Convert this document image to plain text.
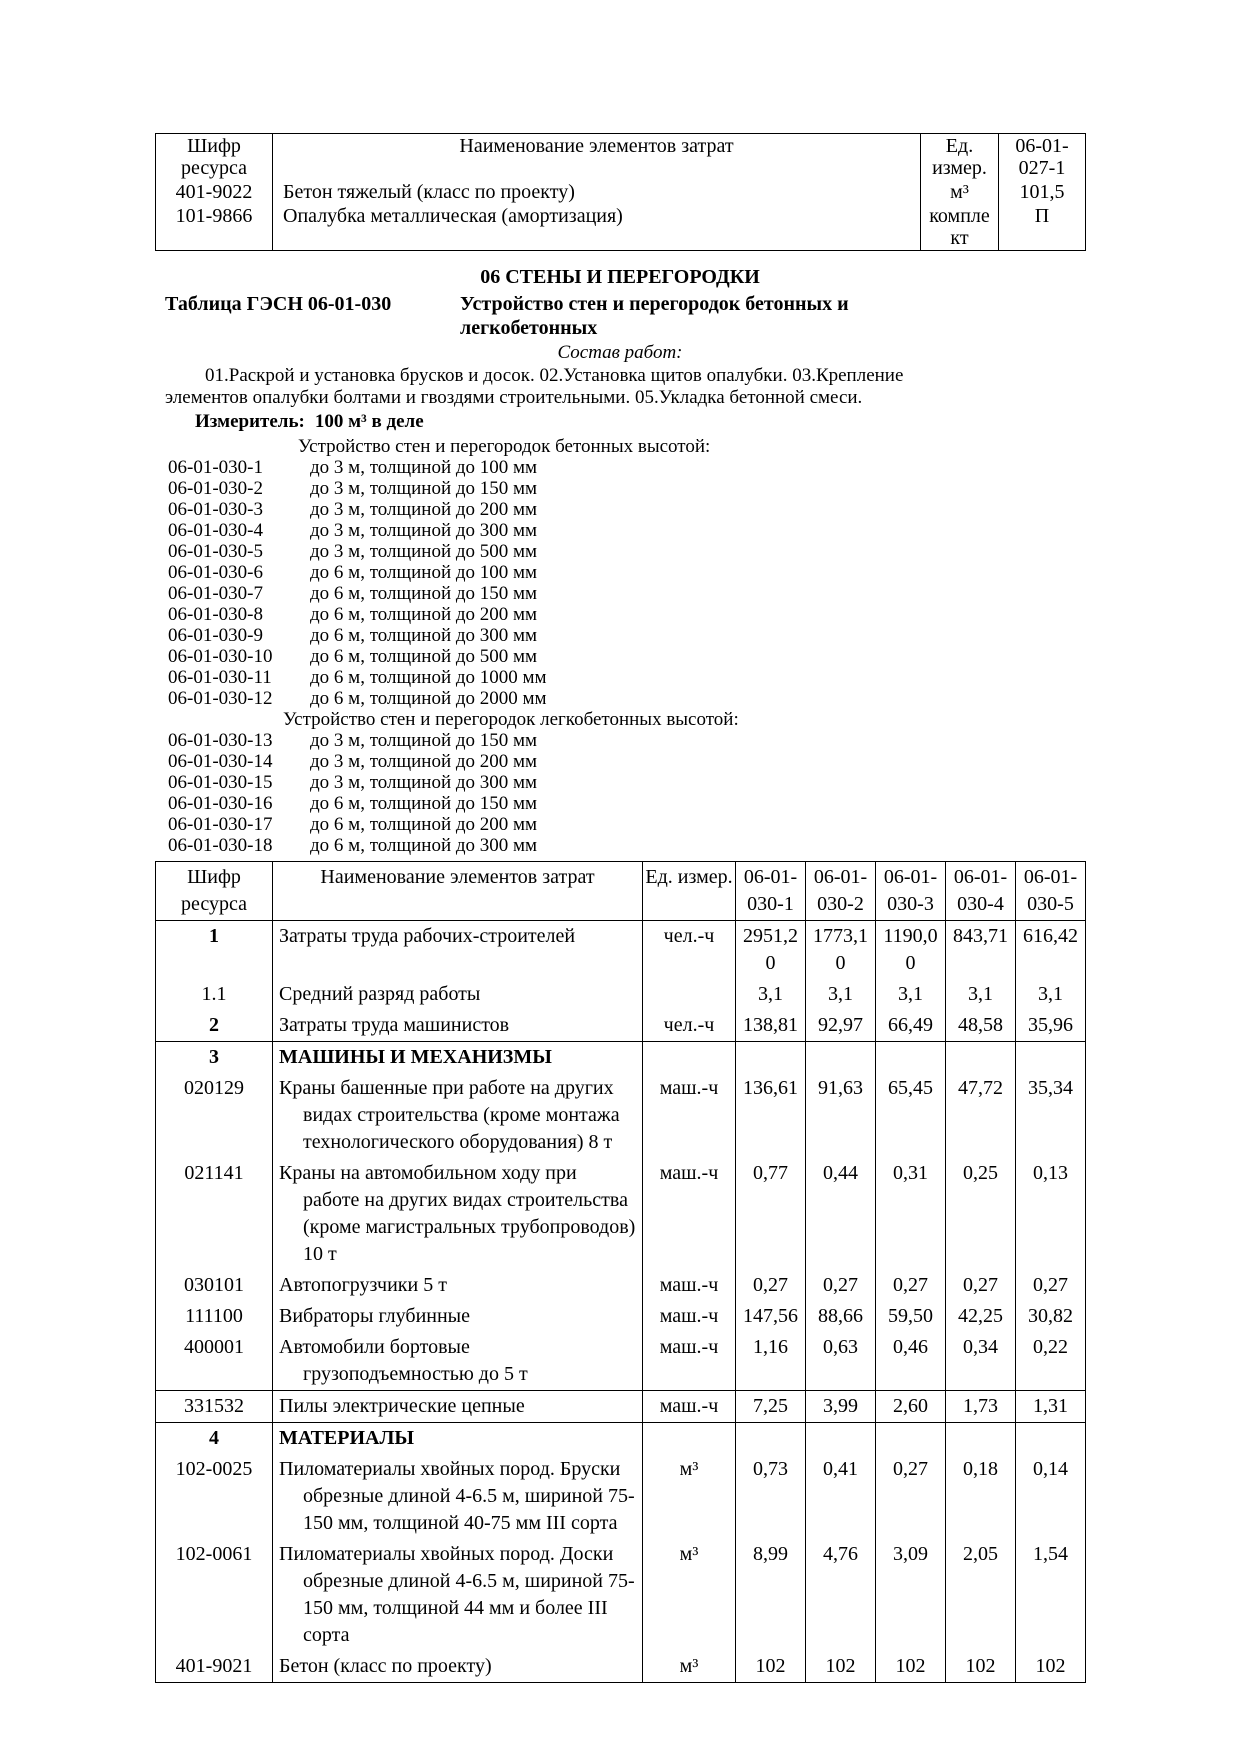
Шифр ресурса	Наименование элементов затрат	Ед. измер.	06-01-027-1
401-9022	Бетон тяжелый (класс по проекту)	м³	101,5
101-9866	Опалубка металлическая (амортизация)	комплект	П
06 СТЕНЫ И ПЕРЕГОРОДКИ
Таблица ГЭСН 06-01-030	Устройство стен и перегородок бетонных и легкобетонных
Состав работ:
01.Раскрой и установка брусков и досок. 02.Установка щитов опалубки. 03.Крепление элементов опалубки болтами и гвоздями строительными. 05.Укладка бетонной смеси.
Измеритель: 100 м³ в деле
Устройство стен и перегородок бетонных высотой:
06-01-030-1	до 3 м, толщиной до 100 мм
06-01-030-2	до 3 м, толщиной до 150 мм
06-01-030-3	до 3 м, толщиной до 200 мм
06-01-030-4	до 3 м, толщиной до 300 мм
06-01-030-5	до 3 м, толщиной до 500 мм
06-01-030-6	до 6 м, толщиной до 100 мм
06-01-030-7	до 6 м, толщиной до 150 мм
06-01-030-8	до 6 м, толщиной до 200 мм
06-01-030-9	до 6 м, толщиной до 300 мм
06-01-030-10	до 6 м, толщиной до 500 мм
06-01-030-11	до 6 м, толщиной до 1000 мм
06-01-030-12	до 6 м, толщиной до 2000 мм
Устройство стен и перегородок легкобетонных высотой:
06-01-030-13	до 3 м, толщиной до 150 мм
06-01-030-14	до 3 м, толщиной до 200 мм
06-01-030-15	до 3 м, толщиной до 300 мм
06-01-030-16	до 6 м, толщиной до 150 мм
06-01-030-17	до 6 м, толщиной до 200 мм
06-01-030-18	до 6 м, толщиной до 300 мм
Шифр ресурса	Наименование элементов затрат	Ед. измер.	06-01-030-1	06-01-030-2	06-01-030-3	06-01-030-4	06-01-030-5
1	Затраты труда рабочих-строителей	чел.-ч	2951,20	1773,10	1190,00	843,71	616,42
1.1	Средний разряд работы		3,1	3,1	3,1	3,1	3,1
2	Затраты труда машинистов	чел.-ч	138,81	92,97	66,49	48,58	35,96
3	МАШИНЫ И МЕХАНИЗМЫ						
020129	Краны башенные при работе на других видах строительства (кроме монтажа технологического оборудования) 8 т	маш.-ч	136,61	91,63	65,45	47,72	35,34
021141	Краны на автомобильном ходу при работе на других видах строительства (кроме магистральных трубопроводов) 10 т	маш.-ч	0,77	0,44	0,31	0,25	0,13
030101	Автопогрузчики 5 т	маш.-ч	0,27	0,27	0,27	0,27	0,27
111100	Вибраторы глубинные	маш.-ч	147,56	88,66	59,50	42,25	30,82
400001	Автомобили бортовые грузоподъемностью до 5 т	маш.-ч	1,16	0,63	0,46	0,34	0,22
331532	Пилы электрические цепные	маш.-ч	7,25	3,99	2,60	1,73	1,31
4	МАТЕРИАЛЫ						
102-0025	Пиломатериалы хвойных пород. Бруски обрезные длиной 4-6.5 м, шириной 75-150 мм, толщиной 40-75 мм III сорта	м³	0,73	0,41	0,27	0,18	0,14
102-0061	Пиломатериалы хвойных пород. Доски обрезные длиной 4-6.5 м, шириной 75-150 мм, толщиной 44 мм и более III сорта	м³	8,99	4,76	3,09	2,05	1,54
401-9021	Бетон (класс по проекту)	м³	102	102	102	102	102
